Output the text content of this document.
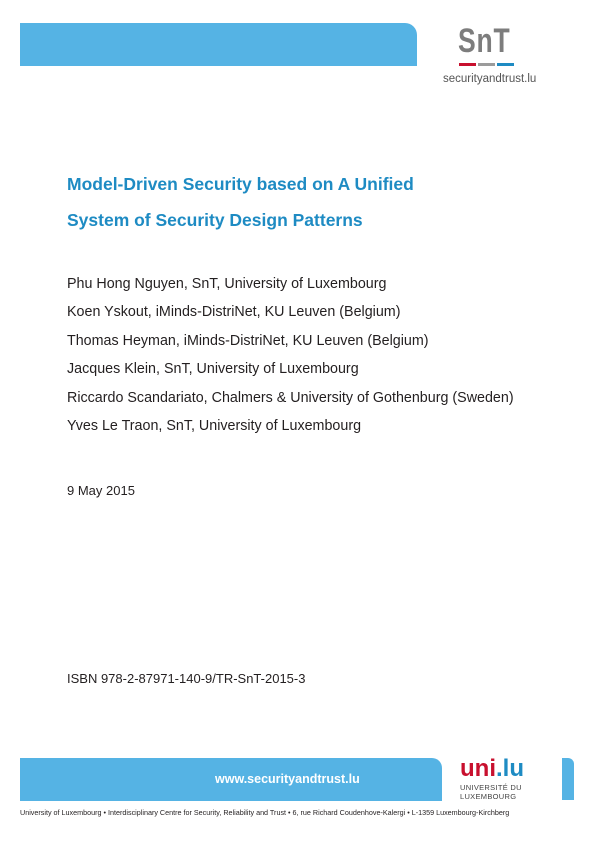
SnT
securityandtrust.lu
Model-Driven Security based on A Unified
System of Security Design Patterns
Phu Hong Nguyen, SnT, University of Luxembourg
Koen Yskout, iMinds-DistriNet, KU Leuven (Belgium)
Thomas Heyman, iMinds-DistriNet, KU Leuven (Belgium)
Jacques Klein, SnT, University of Luxembourg
Riccardo Scandariato, Chalmers & University of Gothenburg (Sweden)
Yves Le Traon, SnT, University of Luxembourg
9 May 2015
ISBN 978-2-87971-140-9/TR-SnT-2015-3
www.securityandtrust.lu	uni.lu
UNIVERSITÉ DU
LUXEMBOURG
University of Luxembourg • Interdisciplinary Centre for Security, Reliability and Trust • 6, rue Richard Coudenhove-Kalergi • L-1359 Luxembourg-Kirchberg
